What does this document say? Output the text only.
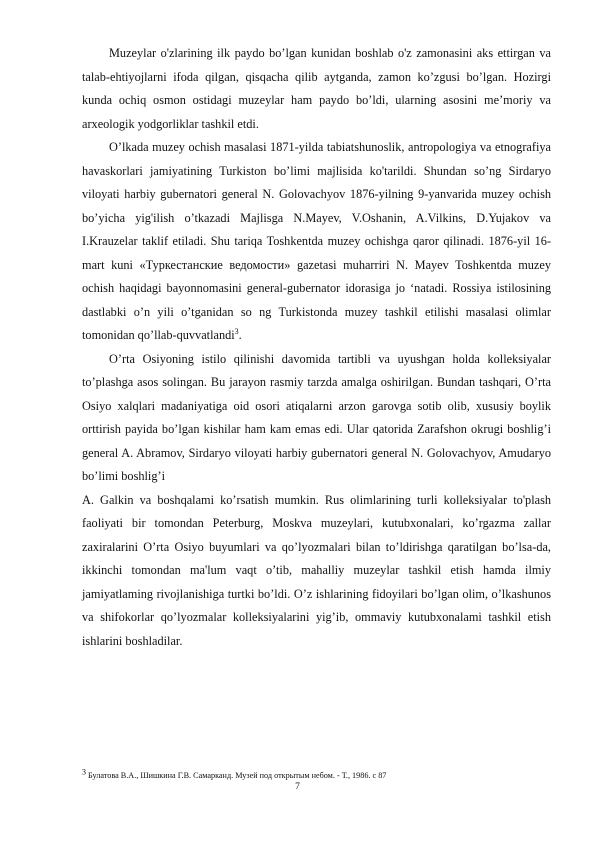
Muzeylar o'zlarining ilk paydo bo’lgan kunidan boshlab o'z zamonasini aks ettirgan va talab-ehtiyojlarni ifoda qilgan, qisqacha qilib aytganda, zamon ko’zgusi bo’lgan. Hozirgi kunda ochiq osmon ostidagi muzeylar ham paydo bo’ldi, ularning asosini me’moriy va arxeologik yodgorliklar tashkil etdi.

O’lkada muzey ochish masalasi 1871-yilda tabiatshunoslik, antropologiya va etnografiya havaskorlari jamiyatining Turkiston bo’limi majlisida ko'tarildi. Shundan so’ng Sirdaryo viloyati harbiy gubernatori general N. Golovachyov 1876-yilning 9-yanvarida muzey ochish bo’yicha yig'ilish o’tkazadi Majlisga N.Mayev, V.Oshanin, A.Vilkins, D.Yujakov va I.Krauzelar taklif etiladi. Shu tariqa Toshkentda muzey ochishga qaror qilinadi. 1876-yil 16-mart kuni «Туркестанские ведомости» gazetasi muharriri N. Mayev Toshkentda muzey ochish haqidagi bayonnomasini general-gubernator idorasiga jo ‘natadi. Rossiya istilosining dastlabki o’n yili o’tganidan so ng Turkistonda muzey tashkil etilishi masalasi olimlar tomonidan qo’llab-quvvatlandi$^3$.

O’rta Osiyoning istilo qilinishi davomida tartibli va uyushgan holda kolleksiyalar to’plashga asos solingan. Bu jarayon rasmiy tarzda amalga oshirilgan. Bundan tashqari, O’rta Osiyo xalqlari madaniyatiga oid osori atiqalarni arzon garovga sotib olib, xususiy boylik orttirish payida bo’lgan kishilar ham kam emas edi. Ular qatorida Zarafshon okrugi boshlig’i general A. Abramov, Sirdaryo viloyati harbiy gubernatori general N. Golovachyov, Amudaryo bo’limi boshlig’i

A. Galkin va boshqalami ko’rsatish mumkin. Rus olimlarining turli kolleksiyalar to'plash faoliyati bir tomondan Peterburg, Moskva muzeylari, kutubxonalari, ko’rgazma zallar zaxiralarini O’rta Osiyo buyumlari va qo’lyozmalari bilan to’ldirishga qaratilgan bo’lsa-da, ikkinchi tomondan ma'lum vaqt o’tib, mahalliy muzeylar tashkil etish hamda ilmiy jamiyatlaming rivojlanishiga turtki bo’ldi. O’z ishlarining fidoyilari bo’lgan olim, o’lkashunos va shifokorlar qo’lyozmalar kolleksiyalarini yig’ib, ommaviy kutubxonalami tashkil etish ishlarini boshladilar.

$^3$ Булатова В.А., Шишкина Г.В. Самарканд. Музей под открытым небом. - Т., 1986. с 87
7
